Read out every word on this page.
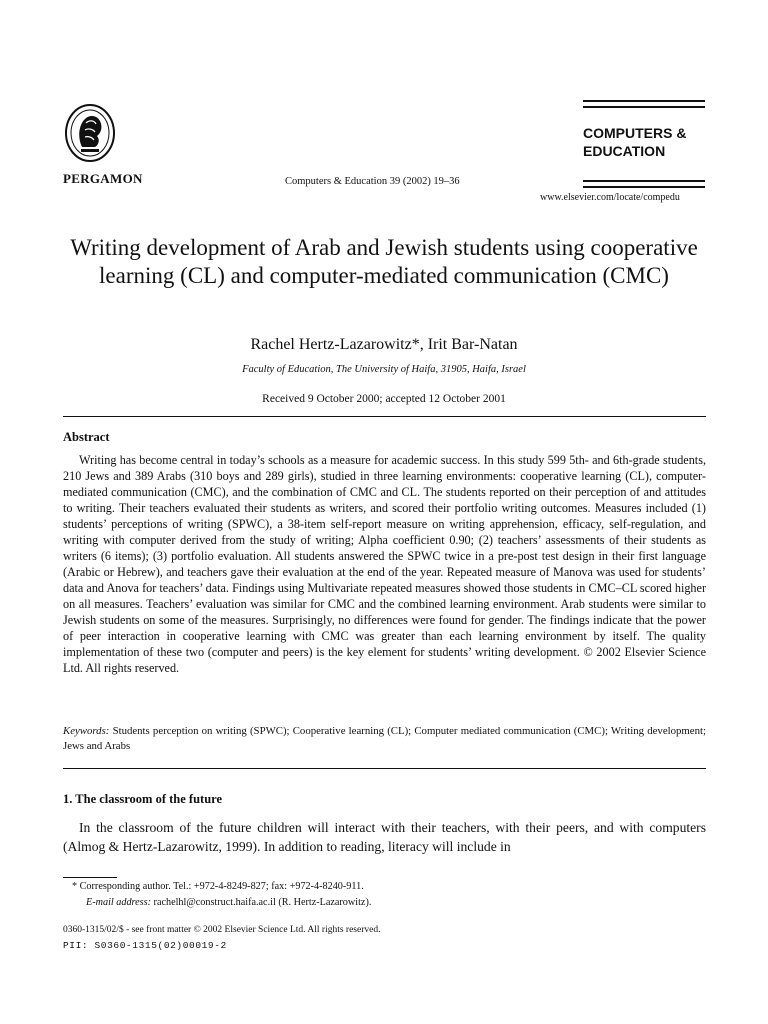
PERGAMON	Computers & Education 39 (2002) 19–36
COMPUTERS &
EDUCATION
www.elsevier.com/locate/compedu
Writing development of Arab and Jewish students using cooperative learning (CL) and computer-mediated communication (CMC)
Rachel Hertz-Lazarowitz*, Irit Bar-Natan
Faculty of Education, The University of Haifa, 31905, Haifa, Israel
Received 9 October 2000; accepted 12 October 2001
Abstract

Writing has become central in today’s schools as a measure for academic success. In this study 599 5th- and 6th-grade students, 210 Jews and 389 Arabs (310 boys and 289 girls), studied in three learning environments: cooperative learning (CL), computer-mediated communication (CMC), and the combination of CMC and CL. The students reported on their perception of and attitudes to writing. Their teachers evaluated their students as writers, and scored their portfolio writing outcomes. Measures included (1) students’ perceptions of writing (SPWC), a 38-item self-report measure on writing apprehension, efficacy, self-regulation, and writing with computer derived from the study of writing; Alpha coefficient 0.90; (2) teachers’ assessments of their students as writers (6 items); (3) portfolio evaluation. All students answered the SPWC twice in a pre-post test design in their first language (Arabic or Hebrew), and teachers gave their evaluation at the end of the year. Repeated measure of Manova was used for students’ data and Anova for teachers’ data. Findings using Multivariate repeated measures showed those students in CMC–CL scored higher on all measures. Teachers’ evaluation was similar for CMC and the combined learning environment. Arab students were similar to Jewish students on some of the measures. Surprisingly, no differences were found for gender. The findings indicate that the power of peer interaction in cooperative learning with CMC was greater than each learning environment by itself. The quality implementation of these two (computer and peers) is the key element for students’ writing development. © 2002 Elsevier Science Ltd. All rights reserved.

Keywords: Students perception on writing (SPWC); Cooperative learning (CL); Computer mediated communication (CMC); Writing development; Jews and Arabs

1. The classroom of the future

In the classroom of the future children will interact with their teachers, with their peers, and with computers (Almog & Hertz-Lazarowitz, 1999). In addition to reading, literacy will include in

* Corresponding author. Tel.: +972-4-8249-827; fax: +972-4-8240-911.
E-mail address: rachelhl@construct.haifa.ac.il (R. Hertz-Lazarowitz).
0360-1315/02/$ - see front matter © 2002 Elsevier Science Ltd. All rights reserved.
PII: S0360-1315(02)00019-2
